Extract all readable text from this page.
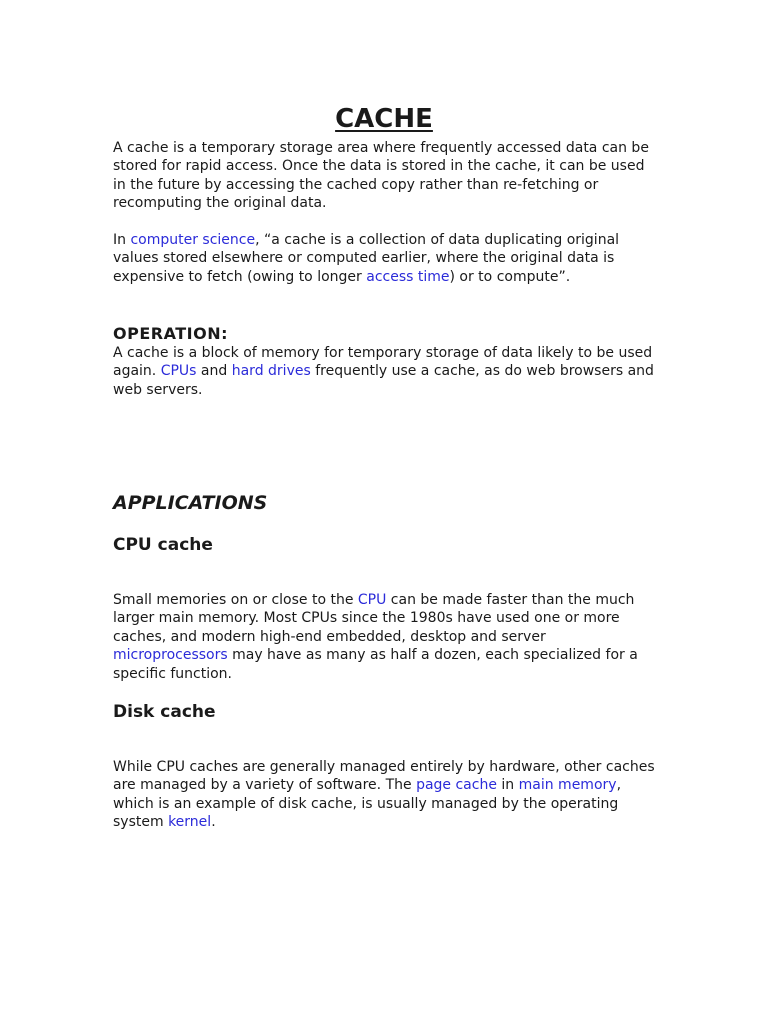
CACHE

A cache is a temporary storage area where frequently accessed data can be stored for rapid access. Once the data is stored in the cache, it can be used in the future by accessing the cached copy rather than re-fetching or recomputing the original data.

In computer science, “a cache is a collection of data duplicating original values stored elsewhere or computed earlier, where the original data is expensive to fetch (owing to longer access time) or to compute”.

OPERATION:

A cache is a block of memory for temporary storage of data likely to be used again. CPUs and hard drives frequently use a cache, as do web browsers and web servers.

APPLICATIONS
CPU cache

Small memories on or close to the CPU can be made faster than the much larger main memory. Most CPUs since the 1980s have used one or more caches, and modern high-end embedded, desktop and server microprocessors may have as many as half a dozen, each specialized for a specific function.

Disk cache

While CPU caches are generally managed entirely by hardware, other caches are managed by a variety of software. The page cache in main memory, which is an example of disk cache, is usually managed by the operating system kernel.
